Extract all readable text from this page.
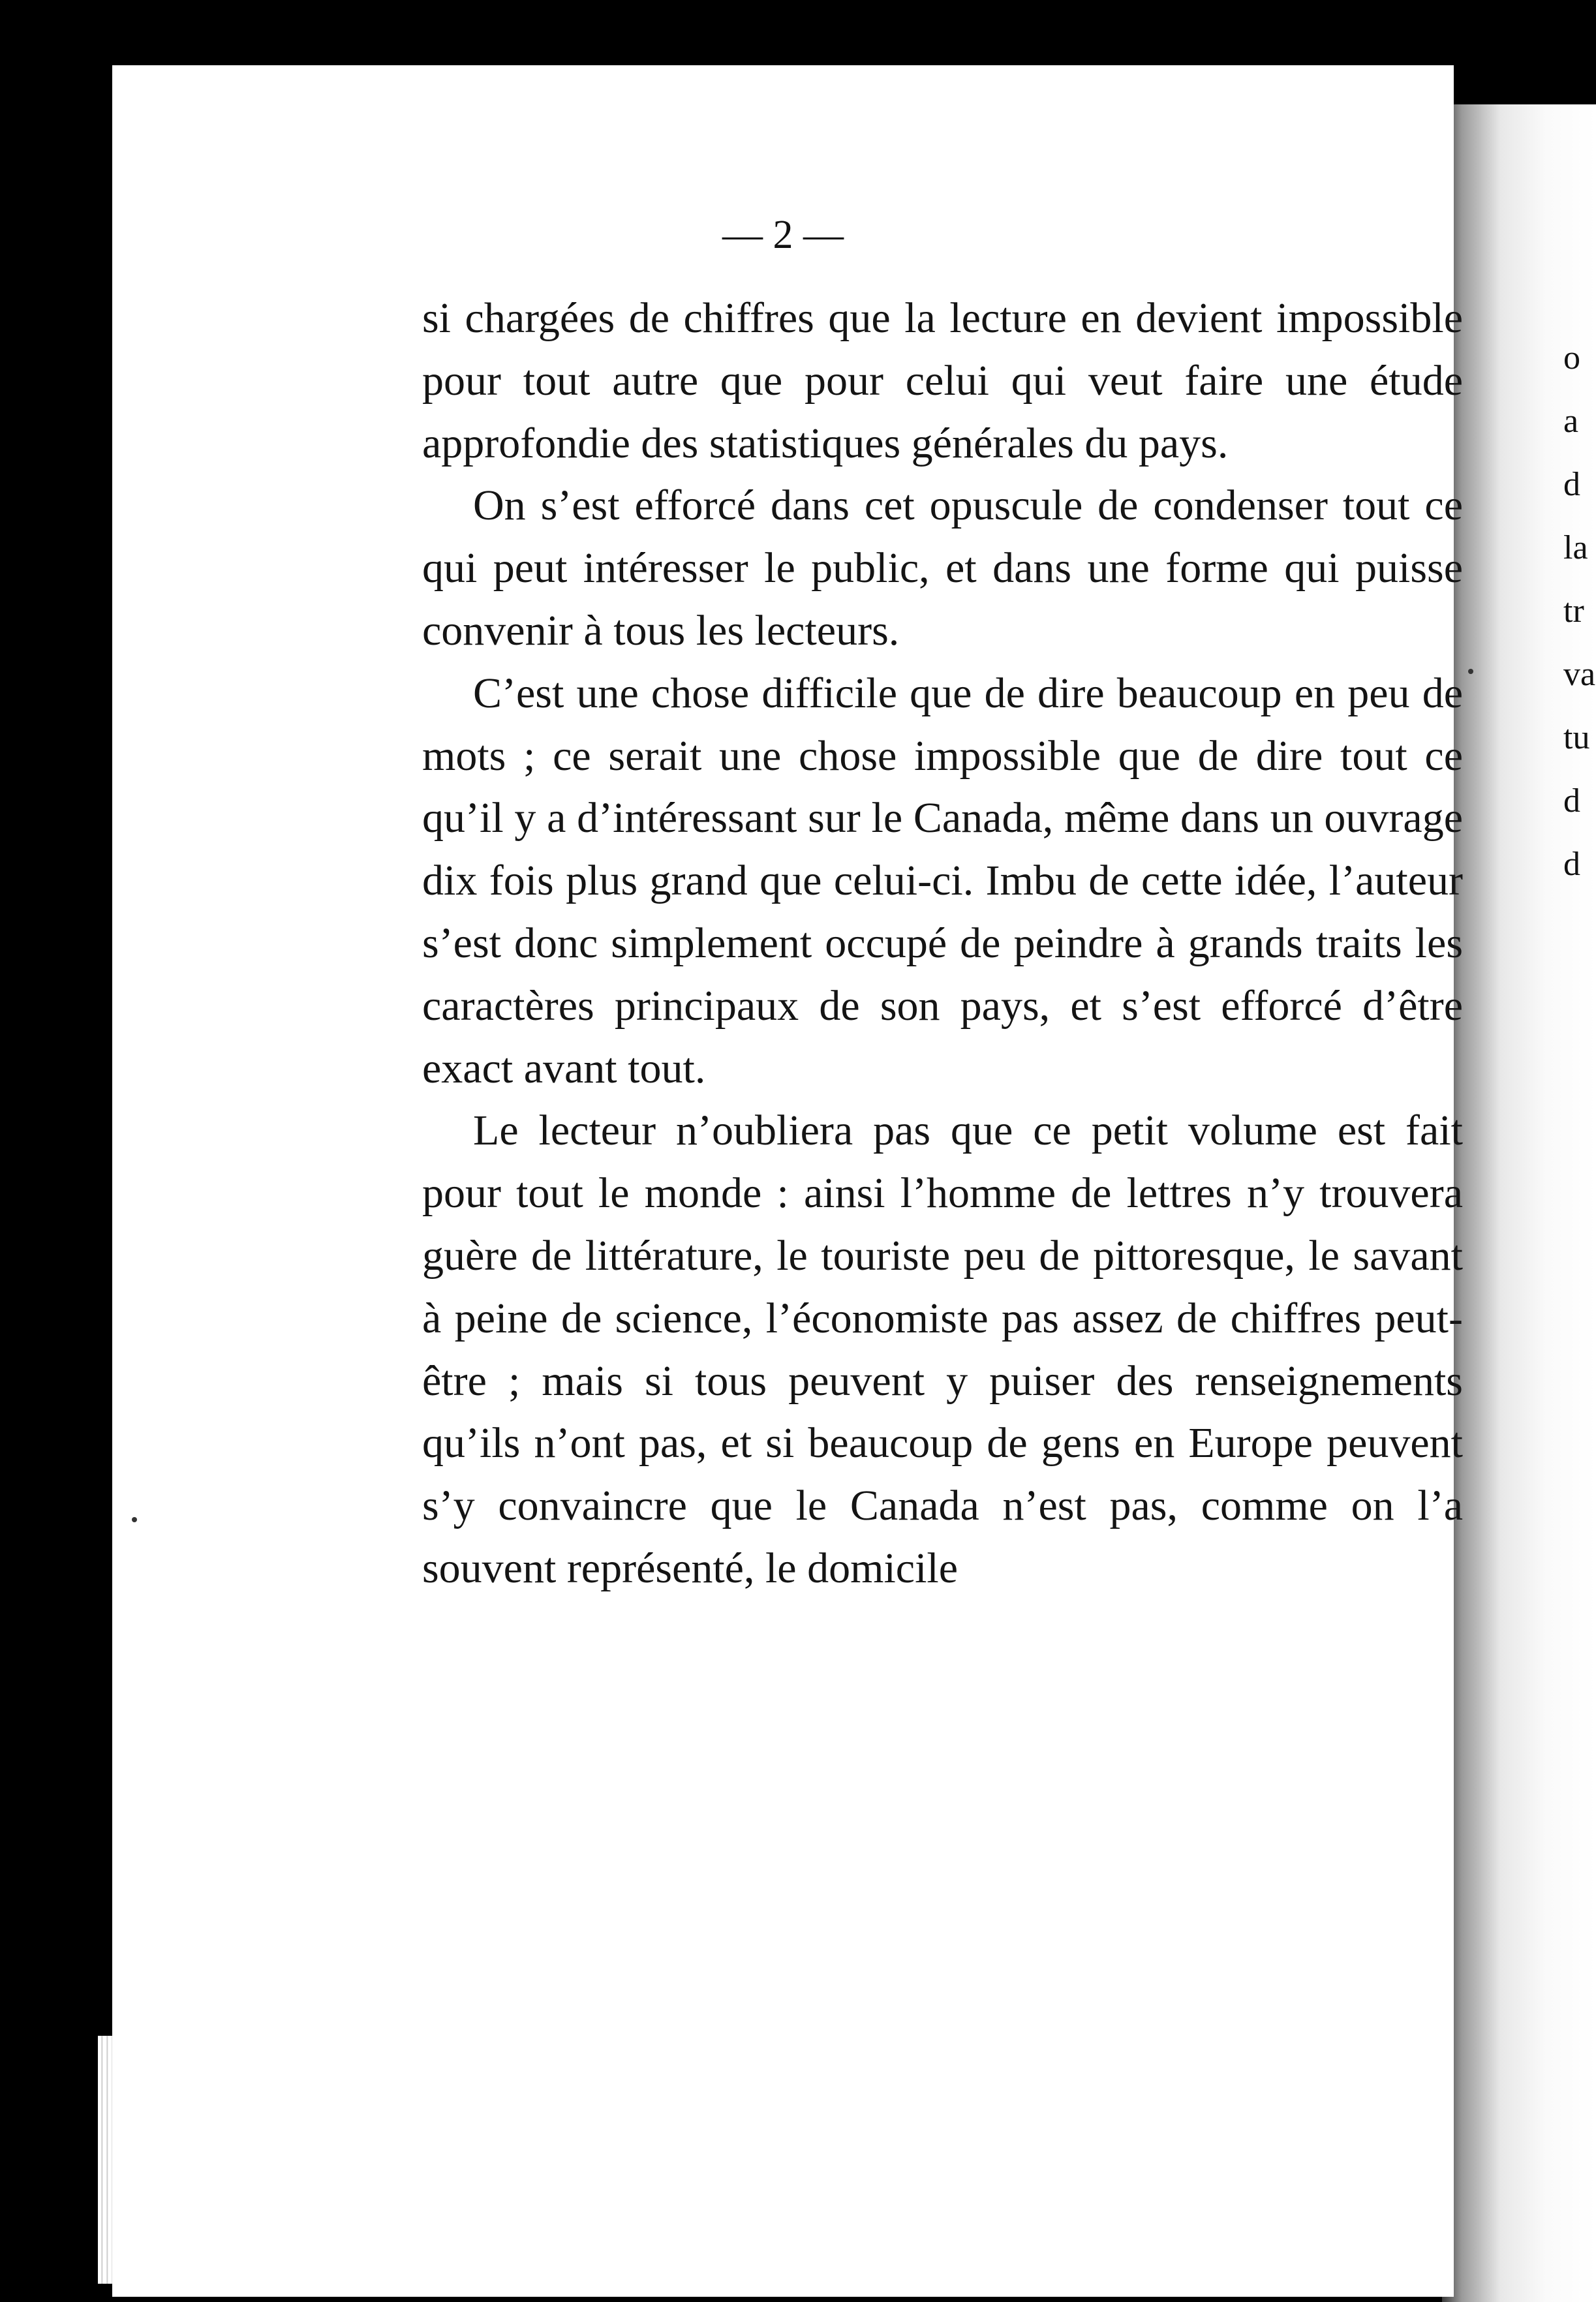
o
a
d
la
tr
va
tu
d
d

— 2 —

si chargées de chiffres que la lecture en devient impossible pour tout autre que pour celui qui veut faire une étude approfondie des statistiques générales du pays.

On s’est efforcé dans cet opuscule de condenser tout ce qui peut intéresser le public, et dans une forme qui puisse convenir à tous les lecteurs.

C’est une chose difficile que de dire beaucoup en peu de mots ; ce serait une chose impossible que de dire tout ce qu’il y a d’intéressant sur le Canada, même dans un ouvrage dix fois plus grand que celui-ci. Imbu de cette idée, l’auteur s’est donc simplement occupé de peindre à grands traits les caractères principaux de son pays, et s’est efforcé d’être exact avant tout.

Le lecteur n’oubliera pas que ce petit volume est fait pour tout le monde : ainsi l’homme de lettres n’y trouvera guère de littérature, le touriste peu de pittoresque, le savant à peine de science, l’économiste pas assez de chiffres peut-être ; mais si tous peuvent y puiser des renseignements qu’ils n’ont pas, et si beaucoup de gens en Europe peuvent s’y convaincre que le Canada n’est pas, comme on l’a souvent représenté, le domicile
